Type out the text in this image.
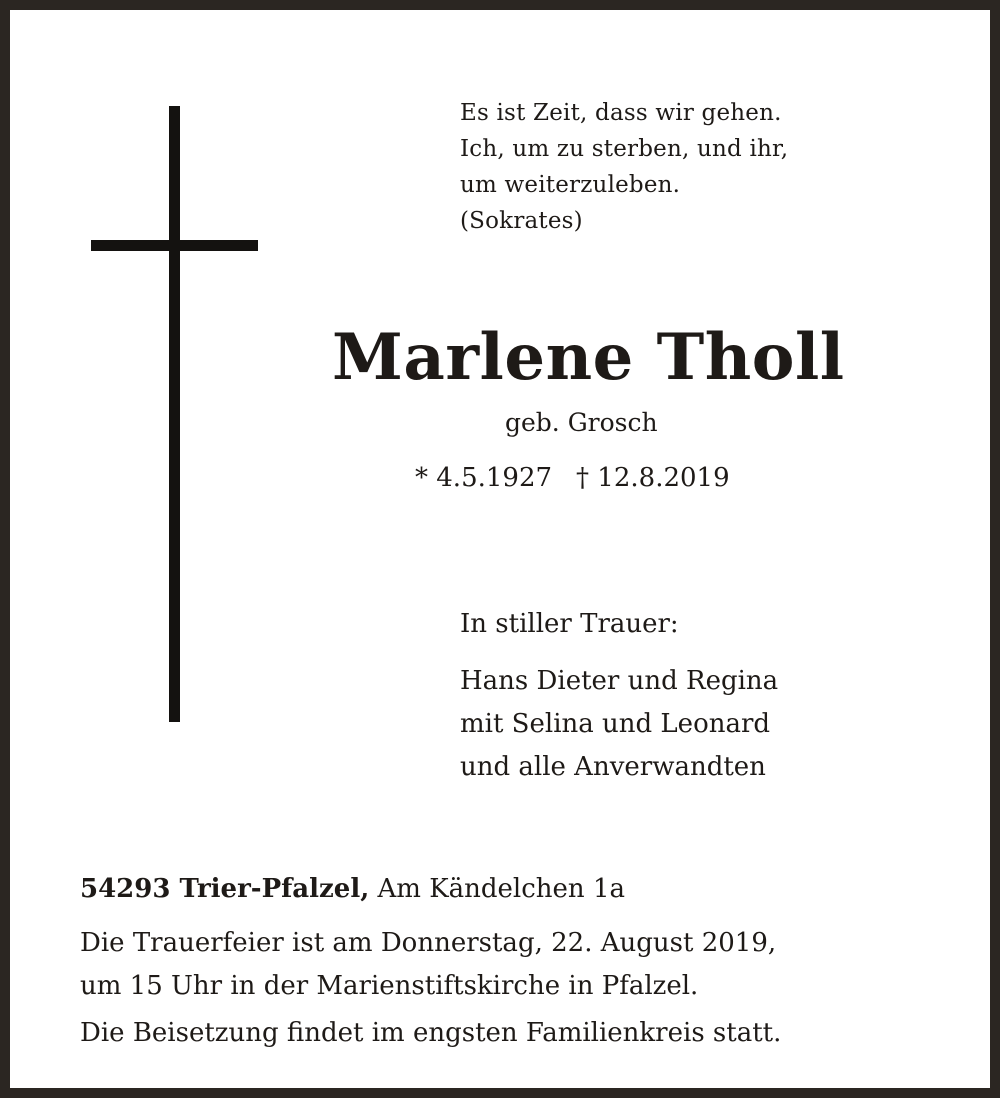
Es ist Zeit, dass wir gehen.
Ich, um zu sterben, und ihr,
um weiterzuleben.
(Sokrates)
Marlene Tholl
geb. Grosch
* 4.5.1927 † 12.8.2019
In stiller Trauer:
Hans Dieter und Regina
mit Selina und Leonard
und alle Anverwandten
54293 Trier-Pfalzel, Am Kändelchen 1a
Die Trauerfeier ist am Donnerstag, 22. August 2019,
um 15 Uhr in der Marienstiftskirche in Pfalzel.
Die Beisetzung findet im engsten Familienkreis statt.
